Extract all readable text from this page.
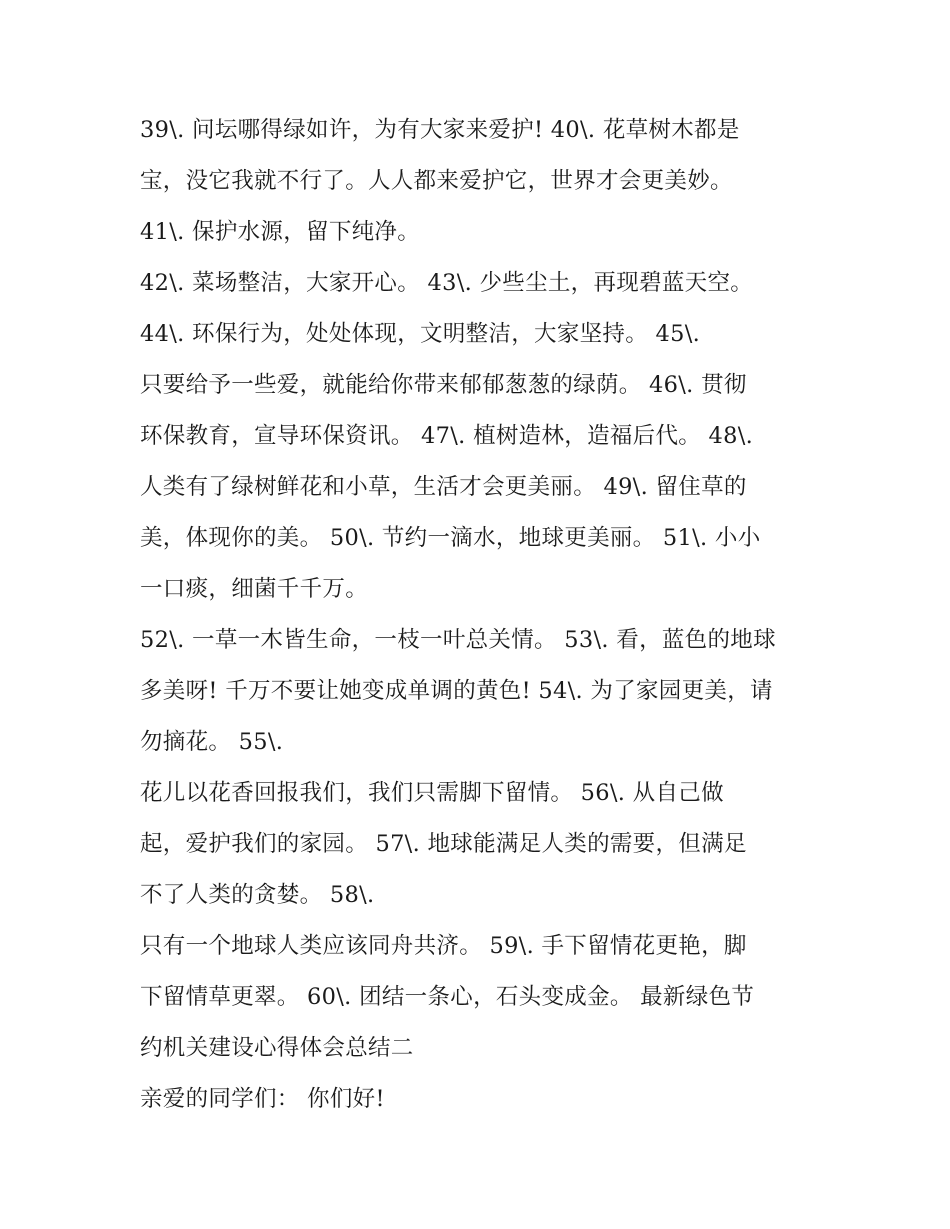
39\. 问坛哪得绿如许，为有大家来爱护! 40\. 花草树木都是
宝，没它我就不行了。人人都来爱护它，世界才会更美妙。
41\. 保护水源，留下纯净。
42\. 菜场整洁，大家开心。 43\. 少些尘土，再现碧蓝天空。
44\. 环保行为，处处体现，文明整洁，大家坚持。 45\.
只要给予一些爱，就能给你带来郁郁葱葱的绿荫。 46\. 贯彻
环保教育，宣导环保资讯。 47\. 植树造林，造福后代。 48\.
人类有了绿树鲜花和小草，生活才会更美丽。 49\. 留住草的
美，体现你的美。 50\. 节约一滴水，地球更美丽。 51\. 小小
一口痰，细菌千千万。
52\. 一草一木皆生命，一枝一叶总关情。 53\. 看，蓝色的地球
多美呀! 千万不要让她变成单调的黄色! 54\. 为了家园更美，请
勿摘花。 55\.
花儿以花香回报我们，我们只需脚下留情。 56\. 从自己做
起，爱护我们的家园。 57\. 地球能满足人类的需要，但满足
不了人类的贪婪。 58\.
只有一个地球人类应该同舟共济。 59\. 手下留情花更艳，脚
下留情草更翠。 60\. 团结一条心，石头变成金。 最新绿色节
约机关建设心得体会总结二
亲爱的同学们： 你们好!
